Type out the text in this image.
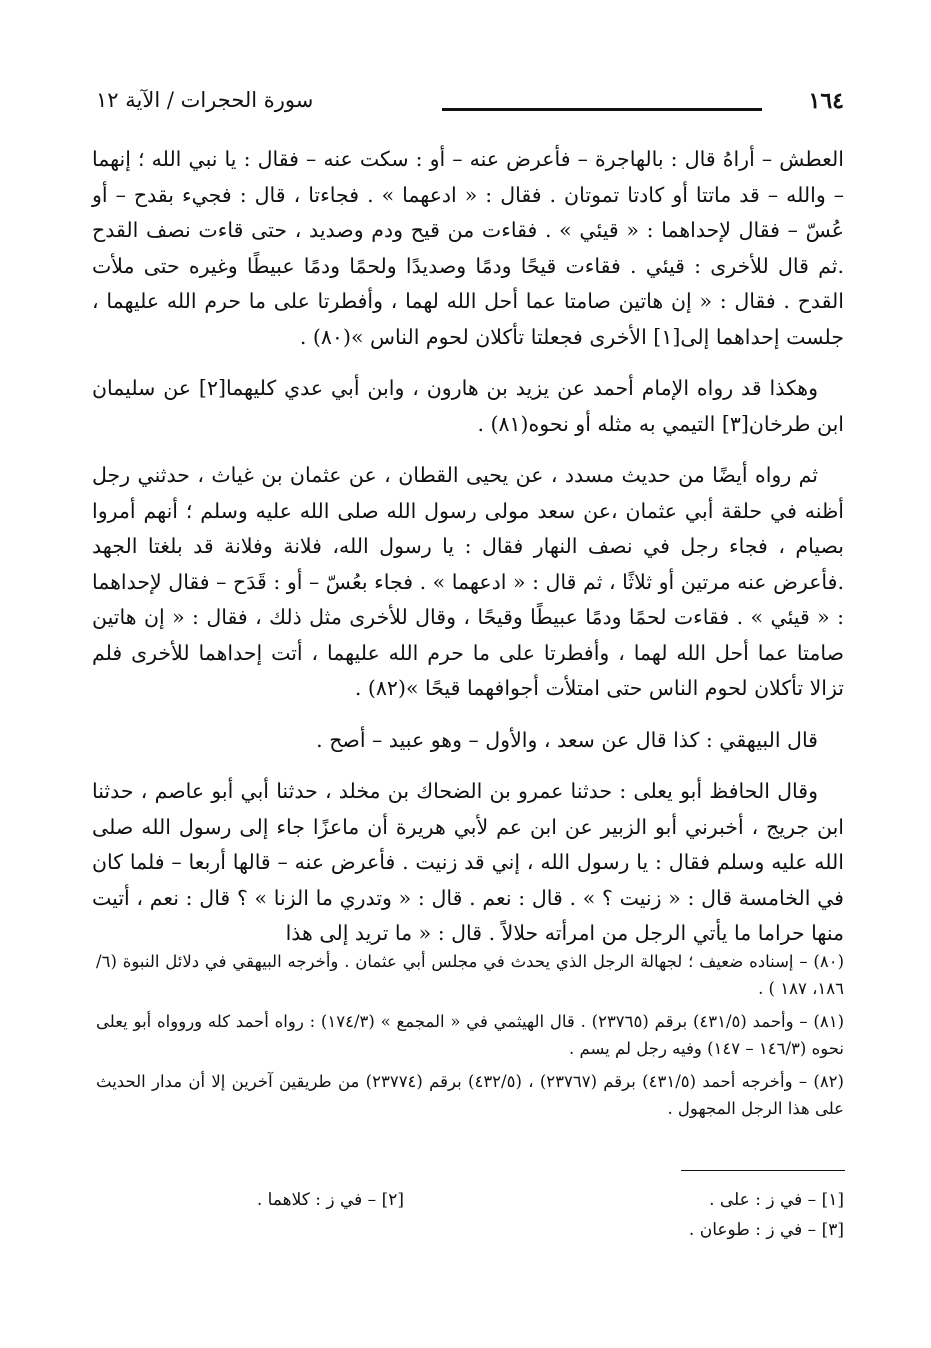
١٦٤
سورة الحجرات / الآية ١٢

العطش – أراهُ قال : بالهاجرة – فأعرض عنه – أو : سكت عنه – فقال : يا نبي الله ؛ إنهما – والله – قد ماتتا أو كادتا تموتان . فقال : « ادعهما » . فجاءتا ، قال : فجيء بقدح – أو عُسّ – فقال لإحداهما : « قيئي » . فقاءت من قيح ودم وصديد ، حتى قاءت نصف القدح .ثم قال للأخرى : قيئي . فقاءت قيحًا ودمًا وصديدًا ولحمًا ودمًا عبيطًا وغيره حتى ملأت القدح . فقال : « إن هاتين صامتا عما أحل الله لهما ، وأفطرتا على ما حرم الله عليهما ، جلست إحداهما إلى[١] الأخرى فجعلتا تأكلان لحوم الناس »(٨٠) .

وهكذا قد رواه الإمام أحمد عن يزيد بن هارون ، وابن أبي عدي كليهما[٢] عن سليمان ابن طرخان[٣] التيمي به مثله أو نحوه(٨١) .

ثم رواه أيضًا من حديث مسدد ، عن يحيى القطان ، عن عثمان بن غياث ، حدثني رجل أظنه في حلقة أبي عثمان ،عن سعد مولى رسول الله صلى الله عليه وسلم ؛ أنهم أمروا بصيام ، فجاء رجل في نصف النهار فقال : يا رسول الله، فلانة وفلانة قد بلغتا الجهد .فأعرض عنه مرتين أو ثلاثًا ، ثم قال : « ادعهما » . فجاء بعُسّ – أو : قَدَح – فقال لإحداهما : « قيئي » . فقاءت لحمًا ودمًا عبيطًا وقيحًا ، وقال للأخرى مثل ذلك ، فقال : « إن هاتين صامتا عما أحل الله لهما ، وأفطرتا على ما حرم الله عليهما ، أتت إحداهما للأخرى فلم تزالا تأكلان لحوم الناس حتى امتلأت أجوافهما قيحًا »(٨٢) .

قال البيهقي : كذا قال عن سعد ، والأول – وهو عبيد – أصح .

وقال الحافظ أبو يعلى : حدثنا عمرو بن الضحاك بن مخلد ، حدثنا أبي أبو عاصم ، حدثنا ابن جريج ، أخبرني أبو الزبير عن ابن عم لأبي هريرة أن ماعزًا جاء إلى رسول الله صلى الله عليه وسلم فقال : يا رسول الله ، إني قد زنيت . فأعرض عنه – قالها أربعا – فلما كان في الخامسة قال : « زنيت ؟ » . قال : نعم . قال : « وتدري ما الزنا » ؟ قال : نعم ، أتيت منها حراما ما يأتي الرجل من امرأته حلالاً . قال : « ما تريد إلى هذا

(٨٠) – إسناده ضعيف ؛ لجهالة الرجل الذي يحدث في مجلس أبي عثمان . وأخرجه البيهقي في دلائل النبوة (٦/ ١٨٦، ١٨٧ ) .

(٨١) – وأحمد (٤٣١/٥) برقم (٢٣٧٦٥) . قال الهيثمي في « المجمع » (١٧٤/٣) : رواه أحمد كله وروواه أبو يعلى نحوه (١٤٦/٣ – ١٤٧) وفيه رجل لم يسم .

(٨٢) – وأخرجه أحمد (٤٣١/٥) برقم (٢٣٧٦٧) ، (٤٣٢/٥) برقم (٢٣٧٧٤) من طريقين آخرين إلا أن مدار الحديث على هذا الرجل المجهول .

[١] – في ز : على .
[٢] – في ز : كلاهما .
[٣] – في ز : طوعان .
